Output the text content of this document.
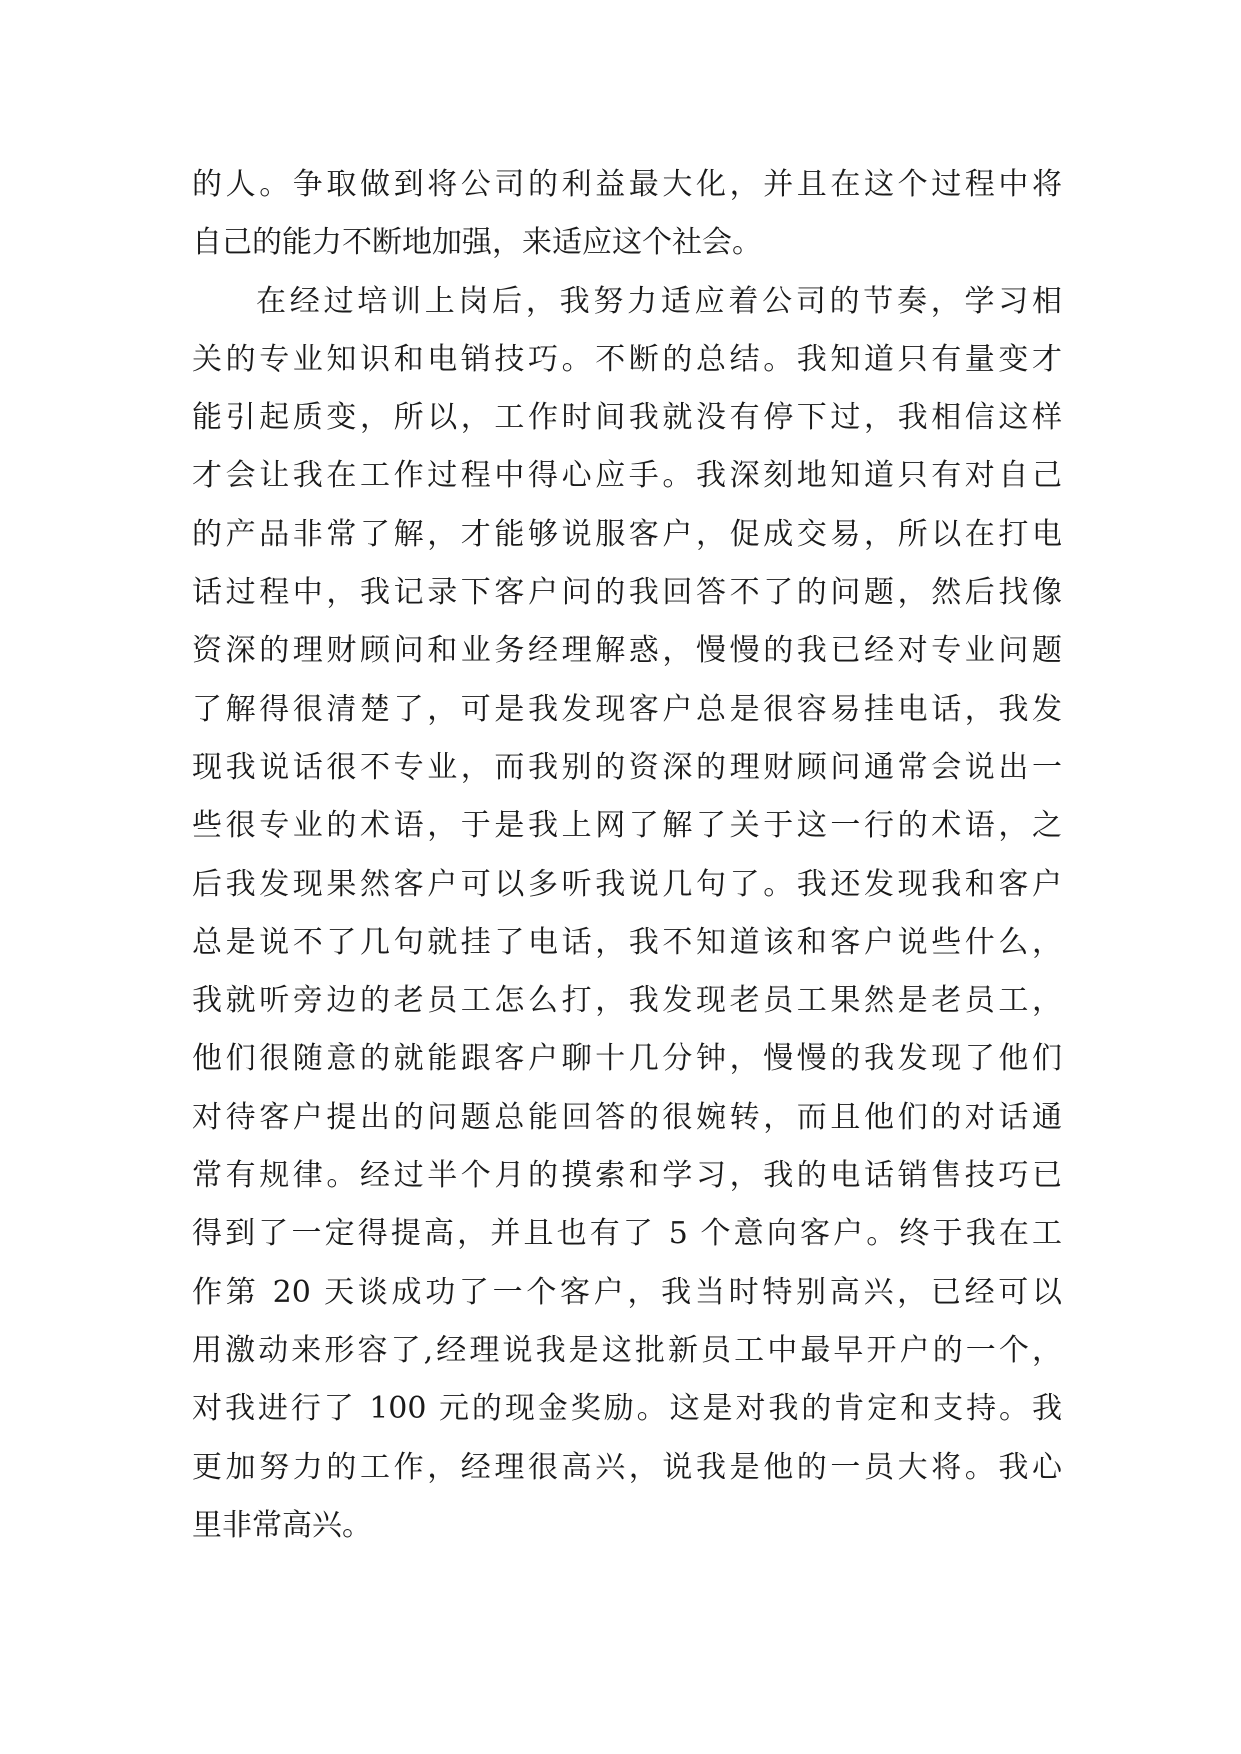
的人。争取做到将公司的利益最大化，并且在这个过程中将
自己的能力不断地加强，来适应这个社会。
在经过培训上岗后，我努力适应着公司的节奏，学习相
关的专业知识和电销技巧。不断的总结。我知道只有量变才
能引起质变，所以，工作时间我就没有停下过，我相信这样
才会让我在工作过程中得心应手。我深刻地知道只有对自己
的产品非常了解，才能够说服客户，促成交易，所以在打电
话过程中，我记录下客户问的我回答不了的问题，然后找像
资深的理财顾问和业务经理解惑，慢慢的我已经对专业问题
了解得很清楚了，可是我发现客户总是很容易挂电话，我发
现我说话很不专业，而我别的资深的理财顾问通常会说出一
些很专业的术语，于是我上网了解了关于这一行的术语，之
后我发现果然客户可以多听我说几句了。我还发现我和客户
总是说不了几句就挂了电话，我不知道该和客户说些什么，
我就听旁边的老员工怎么打，我发现老员工果然是老员工，
他们很随意的就能跟客户聊十几分钟，慢慢的我发现了他们
对待客户提出的问题总能回答的很婉转，而且他们的对话通
常有规律。经过半个月的摸索和学习，我的电话销售技巧已
得到了一定得提高，并且也有了 5 个意向客户。终于我在工
作第 20 天谈成功了一个客户，我当时特别高兴，已经可以
用激动来形容了,经理说我是这批新员工中最早开户的一个，
对我进行了 100 元的现金奖励。这是对我的肯定和支持。我
更加努力的工作，经理很高兴，说我是他的一员大将。我心
里非常高兴。
